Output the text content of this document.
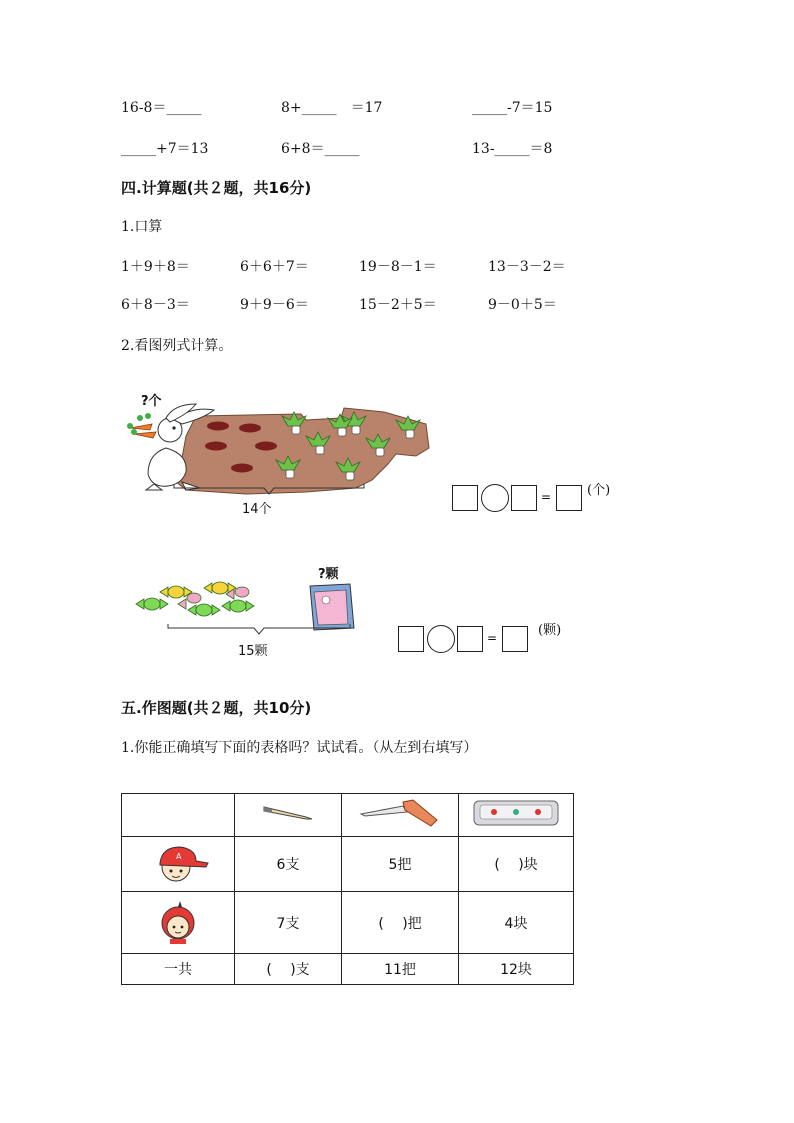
16-8＝_____	8+_____　＝17	_____-7＝15
_____+7＝13	6+8＝_____	13-_____＝8
四.计算题(共２题，共16分)
1.口算
1＋9＋8＝	6＋6＋7＝	19－8－1＝	13－3－2＝
6＋8－3＝	9＋9－6＝	15－2＋5＝	9－0＋5＝
2.看图列式计算。
?个
14个
=	(个)
?颗
15颗
=	(颗)
五.作图题(共２题，共10分)
1.你能正确填写下面的表格吗？试试看。（从左到右填写）

A	6支	5把	(　 )块
	7支	(　 )把	4块
一共	(　 )支	11把	12块
